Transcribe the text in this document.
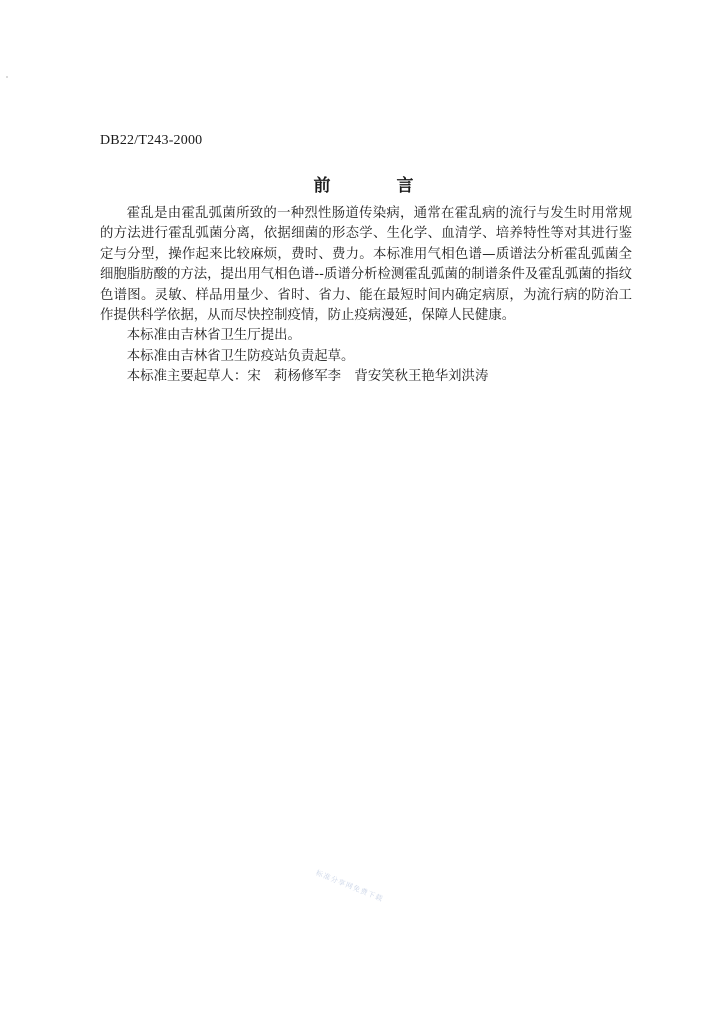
DB22/T243-2000
前	言

霍乱是由霍乱弧菌所致的一种烈性肠道传染病，通常在霍乱病的流行与发生时用常规的方法进行霍乱弧菌分离，依据细菌的形态学、生化学、血清学、培养特性等对其进行鉴定与分型，操作起来比较麻烦，费时、费力。本标准用气相色谱—质谱法分析霍乱弧菌全细胞脂肪酸的方法，提出用气相色谱--质谱分析检测霍乱弧菌的制谱条件及霍乱弧菌的指纹色谱图。灵敏、样品用量少、省时、省力、能在最短时间内确定病原，为流行病的防治工作提供科学依据，从而尽快控制疫情，防止疫病漫延，保障人民健康。

本标准由吉林省卫生厅提出。

本标准由吉林省卫生防疫站负责起草。

本标准主要起草人：宋　莉杨修军李　背安笑秋王艳华刘洪涛

标准分享网免费下载
